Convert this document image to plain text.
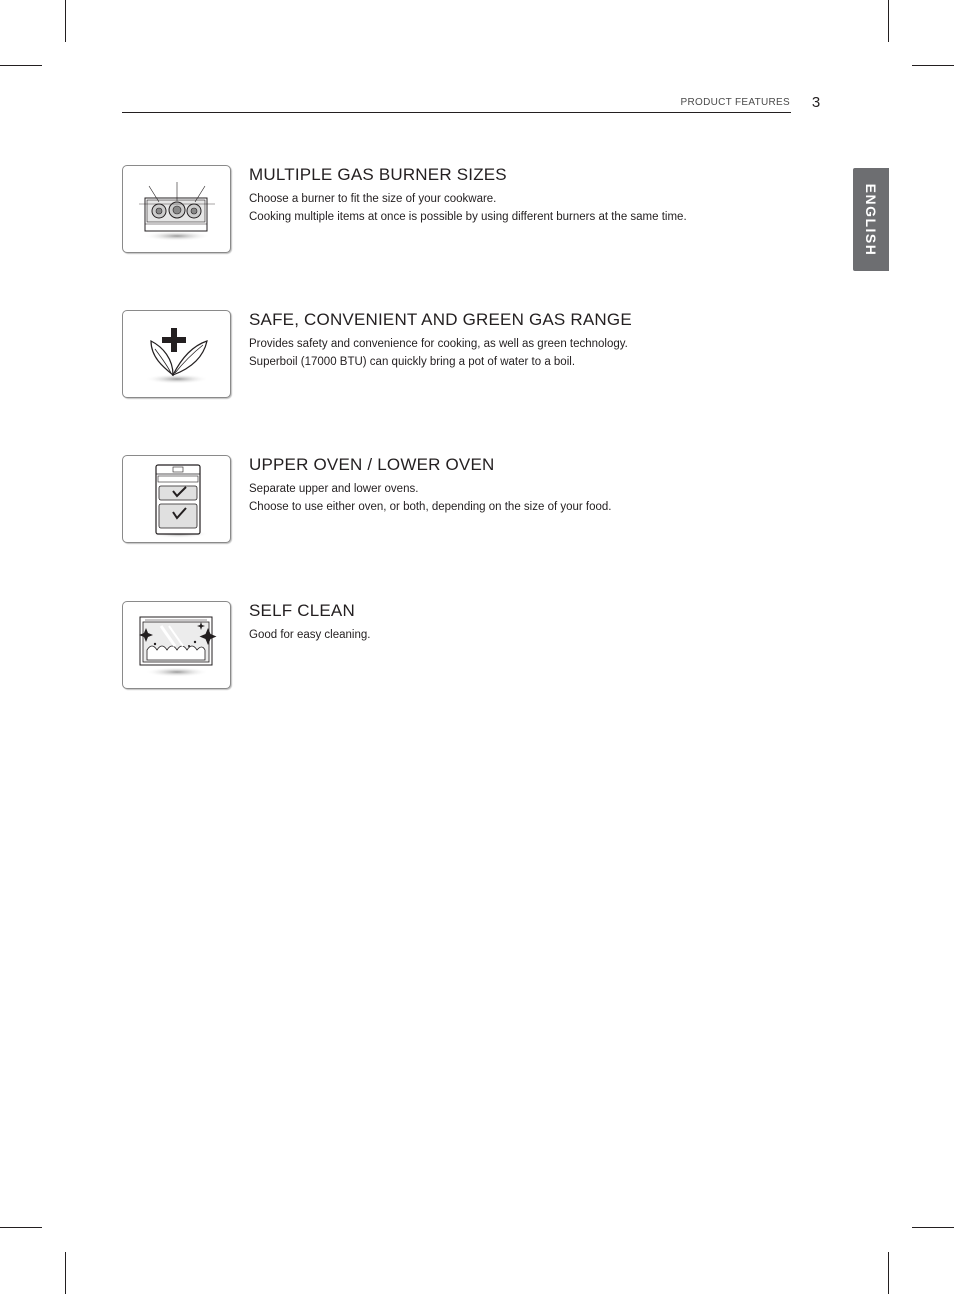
PRODUCT FEATURES	3
ENGLISH
MULTIPLE GAS BURNER SIZES
Choose a burner to fit the size of your cookware.
Cooking multiple items at once is possible by using different burners at the same time.
SAFE, CONVENIENT AND GREEN GAS RANGE
Provides safety and convenience for cooking, as well as green technology.
Superboil (17000 BTU) can quickly bring a pot of water to a boil.
UPPER OVEN / LOWER OVEN
Separate upper and lower ovens.
Choose to use either oven, or both, depending on the size of your food.
SELF CLEAN
Good for easy cleaning.
